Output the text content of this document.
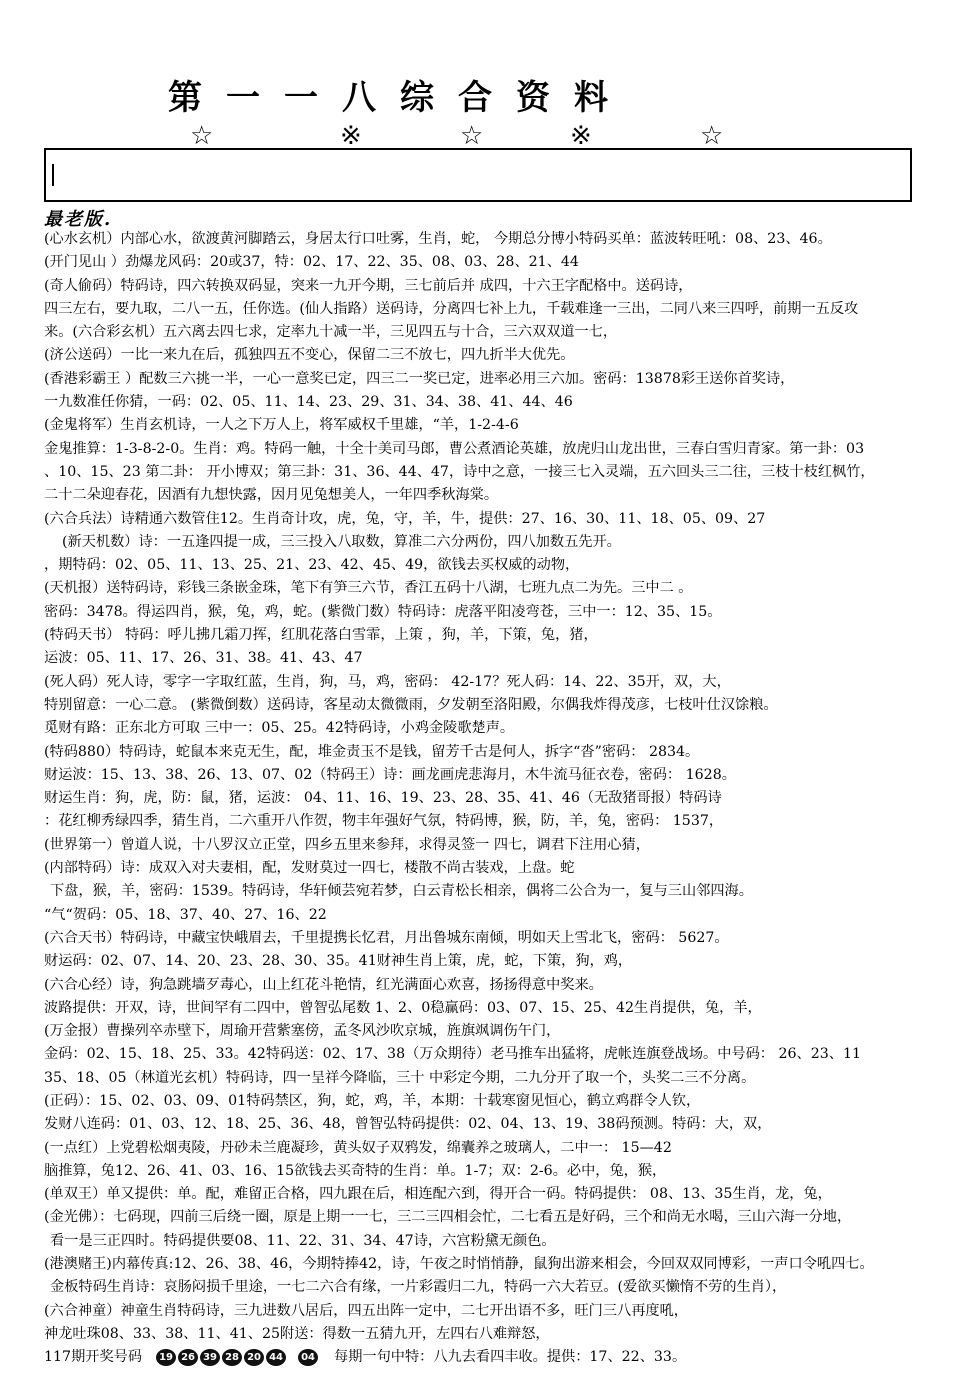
第一一八综合资料
☆	※	☆	※	☆
最老版.
(心水玄机）内部心水，欲渡黄河脚踏云，身居太行口吐雾，生肖，蛇， 今期总分博小特码买单：蓝波转旺吼：08、23、46。
(开门见山 ）劲爆龙风码：20或37，特：02、17、22、35、08、03、28、21、44
(奇人偷码）特码诗，四六转换双码显，突来一九开今期，三七前后并 成四，十六王字配格中。送码诗，
四三左右，要九取，二八一五，任你选。(仙人指路）送码诗，分离四七补上九，千载难逢一三出，二同八来三四呼，前期一五反攻
来。(六合彩玄机）五六离去四七求，定率九十减一半，三见四五与十合，三六双双道一七，
(济公送码）一比一来九在后，孤独四五不变心，保留二三不放七，四九折半大优先。
(香港彩霸王 ）配数三六挑一半，一心一意奖已定，四三二一奖已定，进率必用三六加。密码：13878彩王送你首奖诗，
一九数准任你猜，一码：02、05、11、14、23、29、31、34、38、41、44、46
(金鬼将军）生肖玄机诗，一人之下万人上，将军威权千里雄，“羊，1-2-4-6
金鬼推算：1-3-8-2-0。生肖：鸡。特码一触，十全十美司马郎，曹公煮酒论英雄，放虎归山龙出世，三春白雪归青家。第一卦：03
、10、15、23 第二卦： 开小博双；第三卦：31、36、44、47，诗中之意，一接三七入灵端，五六回头三二往，三枝十枝红枫竹，
二十二朵迎春花，因酒有九想快露，因月见兔想美人，一年四季秋海棠。
(六合兵法）诗精通六数管住12。生肖奇计攻，虎，兔，守，羊，牛，提供：27、16、30、11、18、05、09、27
(新天机数）诗：一五逢四提一成，三三投入八取数，算准二六分两份，四八加数五先开。
，期特码：02、05、11、13、25、21、23、42、45、49，欲钱去买权威的动物，
(天机报）送特码诗，彩钱三条嵌金珠，笔下有笋三六节，香江五码十八湖，七班九点二为先。三中二 。
密码：3478。得运四肖，猴，兔，鸡，蛇。(紫微门数）特码诗：虎落平阳凌弯苍，三中一：12、35、15。
(特码天书） 特码：呼儿拂几霜刀挥，红肌花落白雪霏，上策 ，狗，羊，下策，兔，猪，
运波：05、11、17、26、31、38。41、43、47
(死人码）死人诗，零字一字取红蓝，生肖，狗，马，鸡，密码： 42-17？死人码：14、22、35开，双，大，
特别留意：一心二意。 (紫微倒数）送码诗，客星动太微微雨，夕发朝至洛阳殿，尔偶我炸得茂彦，七枝叶仕汉馀粮。
觅财有路：正东北方可取 三中一：05、25。42特码诗，小鸡金陵歌楚声。
(特码880）特码诗，蛇鼠本来克无生，配，堆金责玉不是钱，留芳千古是何人，拆字“沓”密码： 2834。
财运波：15、13、38、26、13、07、02（特码王）诗：画龙画虎悲海月，木牛流马征衣卷，密码： 1628。
财运生肖：狗，虎，防：鼠，猪，运波： 04、11、16、19、23、28、35、41、46（无敌猪哥报）特码诗
：花红柳秀绿四季，猜生肖，二六重开八作贺，物丰年强好气氛，特码博，猴，防，羊，兔，密码： 1537，
(世界第一）曾道人说，十八罗汉立正堂，四乡五里来参拜，求得灵签一 四七，调君下注用心猜，
(内部特码）诗：成双入对夫妻相，配，发财莫过一四七，楼散不尚古装戏，上盘。蛇
下盘，猴，羊，密码：1539。特码诗，华轩倾芸宛若梦，白云青松长相亲，偶将二公合为一，复与三山邻四海。
“气“贺码：05、18、37、40、27、16、22
(六合天书）特码诗，中藏宝快峨眉去，千里提携长忆君，月出鲁城东南倾，明如天上雪北飞，密码： 5627。
财运码：02、07、14、20、23、28、30、35。41财神生肖上策，虎，蛇，下策，狗，鸡，
(六合心经）诗，狗急跳墙歹毒心，山上红花斗艳情，红光满面心欢喜，扬扬得意中奖来。
波路提供：开双，诗，世间罕有二四中，曾智弘尾数 1、2、0稳赢码：03、07、15、25、42生肖提供，兔，羊，
(万金报）曹操列卒赤壁下，周瑜开营紫塞傍，孟冬风沙吹京城，旌旗飒调伤午门，
金码：02、15、18、25、33。42特码送：02、17、38（万众期待）老马推车出猛将，虎帐连旗登战场。中号码： 26、23、11
35、18、05（林道光玄机）特码诗，四一呈祥今降临，三十 中彩定今期，二九分开了取一个，头奖二三不分离。
(正码）：15、02、03、09、01特码禁区，狗，蛇，鸡，羊，本期：十载寒窗见恒心，鹤立鸡群令人钦，
发财八连码：01、03、12、18、25、36、48，曾智弘特码提供：02、04、13、19、38码预测。特码：大，双，
(一点红）上党碧松烟夷陵，丹砂未兰鹿凝珍，黄头奴子双鸦发，绵囊养之玻璃人，二中一： 15—42
脑推算，兔12、26、41、03、16、15欲钱去买奇特的生肖：单。1-7；双：2-6。必中，兔，猴，
(单双王）单又提供：单。配，难留正合格，四九跟在后，相连配六到，得开合一码。特码提供： 08、13、35生肖，龙，兔，
(金光佛）：七码现，四前三后绕一圈，原是上期一一七，三二三四相会忙，二七看五是好码，三个和尚无水喝，三山六海一分地，
看一是三正四时。特码提供要08、11、22、31、34、47诗，六宫粉黛无颜色。
(港澳赌王)内幕传真:12、26、38、46，今期特捧42，诗，午夜之时悄悄静，鼠狗出游来相会，今回双双同博彩，一声口令吼四七。
金板特码生肖诗：哀肠闷损千里途，一七二六合有缘，一片彩霞归二九，特码一六大若豆。(爱欲买懒惰不劳的生肖），
(六合神童）神童生肖特码诗，三九进数八居后，四五出阵一定中，二七开出语不多，旺门三八再度吼，
神龙吐珠08、33、38、11、41、25附送：得数一五猜九开，左四右八难辩怒，
117期开奖号码	19 26 39 28 20 44	04 每期一句中特：八九去看四丰收。提供：17、22、33。
